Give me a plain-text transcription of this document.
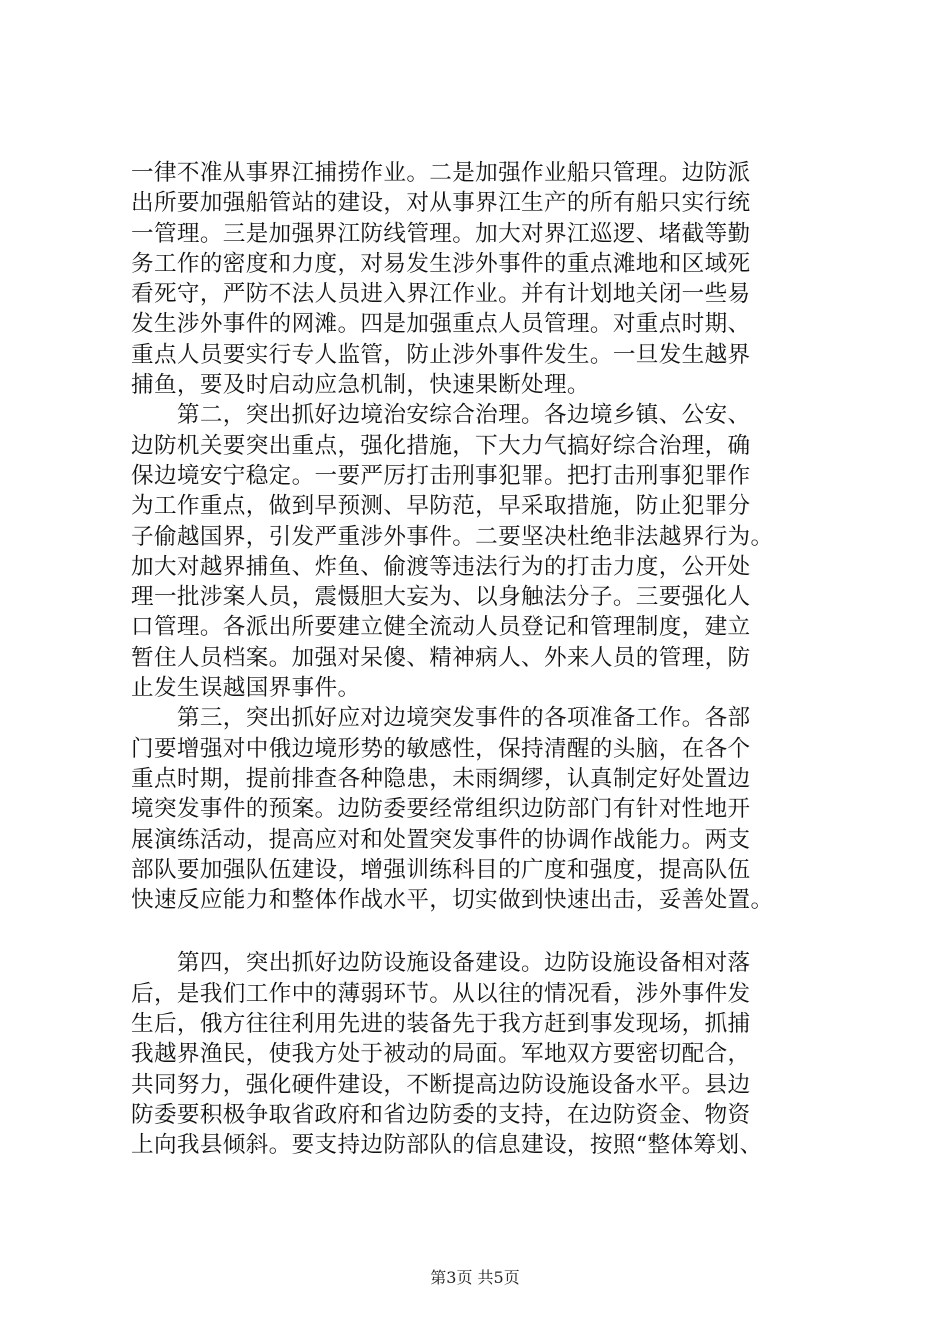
一律不准从事界江捕捞作业。二是加强作业船只管理。边防派
出所要加强船管站的建设，对从事界江生产的所有船只实行统
一管理。三是加强界江防线管理。加大对界江巡逻、堵截等勤
务工作的密度和力度，对易发生涉外事件的重点滩地和区域死
看死守，严防不法人员进入界江作业。并有计划地关闭一些易
发生涉外事件的网滩。四是加强重点人员管理。对重点时期、
重点人员要实行专人监管，防止涉外事件发生。一旦发生越界
捕鱼，要及时启动应急机制，快速果断处理。
　　第二，突出抓好边境治安综合治理。各边境乡镇、公安、
边防机关要突出重点，强化措施，下大力气搞好综合治理，确
保边境安宁稳定。一要严厉打击刑事犯罪。把打击刑事犯罪作
为工作重点，做到早预测、早防范，早采取措施，防止犯罪分
子偷越国界，引发严重涉外事件。二要坚决杜绝非法越界行为。
加大对越界捕鱼、炸鱼、偷渡等违法行为的打击力度，公开处
理一批涉案人员，震慑胆大妄为、以身触法分子。三要强化人
口管理。各派出所要建立健全流动人员登记和管理制度，建立
暂住人员档案。加强对呆傻、精神病人、外来人员的管理，防
止发生误越国界事件。
　　第三，突出抓好应对边境突发事件的各项准备工作。各部
门要增强对中俄边境形势的敏感性，保持清醒的头脑，在各个
重点时期，提前排查各种隐患，未雨绸缪，认真制定好处置边
境突发事件的预案。边防委要经常组织边防部门有针对性地开
展演练活动，提高应对和处置突发事件的协调作战能力。两支
部队要加强队伍建设，增强训练科目的广度和强度，提高队伍
快速反应能力和整体作战水平，切实做到快速出击，妥善处置。
　　第四，突出抓好边防设施设备建设。边防设施设备相对落
后，是我们工作中的薄弱环节。从以往的情况看，涉外事件发
生后，俄方往往利用先进的装备先于我方赶到事发现场，抓捕
我越界渔民，使我方处于被动的局面。军地双方要密切配合，
共同努力，强化硬件建设，不断提高边防设施设备水平。县边
防委要积极争取省政府和省边防委的支持，在边防资金、物资
上向我县倾斜。要支持边防部队的信息建设，按照“整体筹划、
第3页 共5页
